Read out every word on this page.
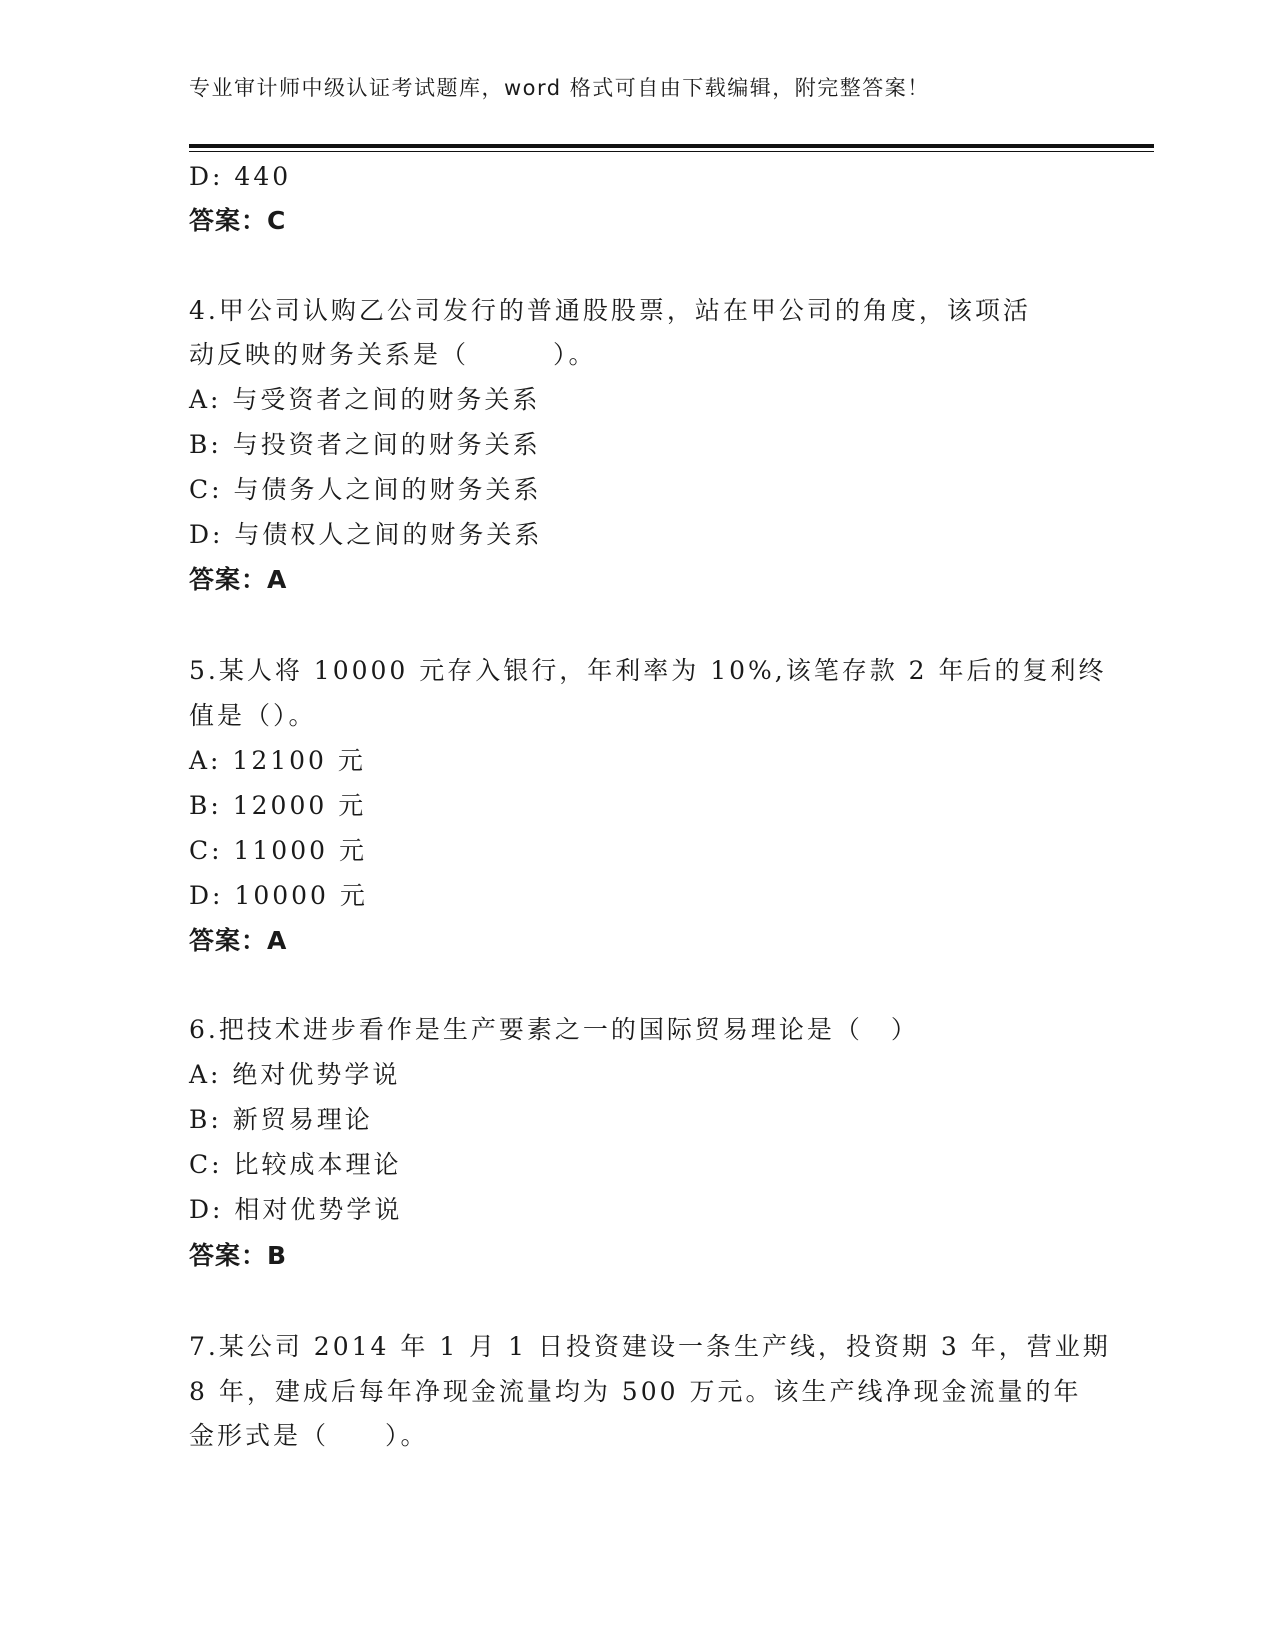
专业审计师中级认证考试题库，word 格式可自由下载编辑，附完整答案！
D: 440
答案：C
4.甲公司认购乙公司发行的普通股股票，站在甲公司的角度，该项活
动反映的财务关系是（　　　）。
A: 与受资者之间的财务关系
B: 与投资者之间的财务关系
C: 与债务人之间的财务关系
D: 与债权人之间的财务关系
答案：A
5.某人将 10000 元存入银行，年利率为 10%,该笔存款 2 年后的复利终
值是（）。
A: 12100 元
B: 12000 元
C: 11000 元
D: 10000 元
答案：A
6.把技术进步看作是生产要素之一的国际贸易理论是（　）
A: 绝对优势学说
B: 新贸易理论
C: 比较成本理论
D: 相对优势学说
答案：B
7.某公司 2014 年 1 月 1 日投资建设一条生产线，投资期 3 年，营业期
8 年，建成后每年净现金流量均为 500 万元。该生产线净现金流量的年
金形式是（　　）。
